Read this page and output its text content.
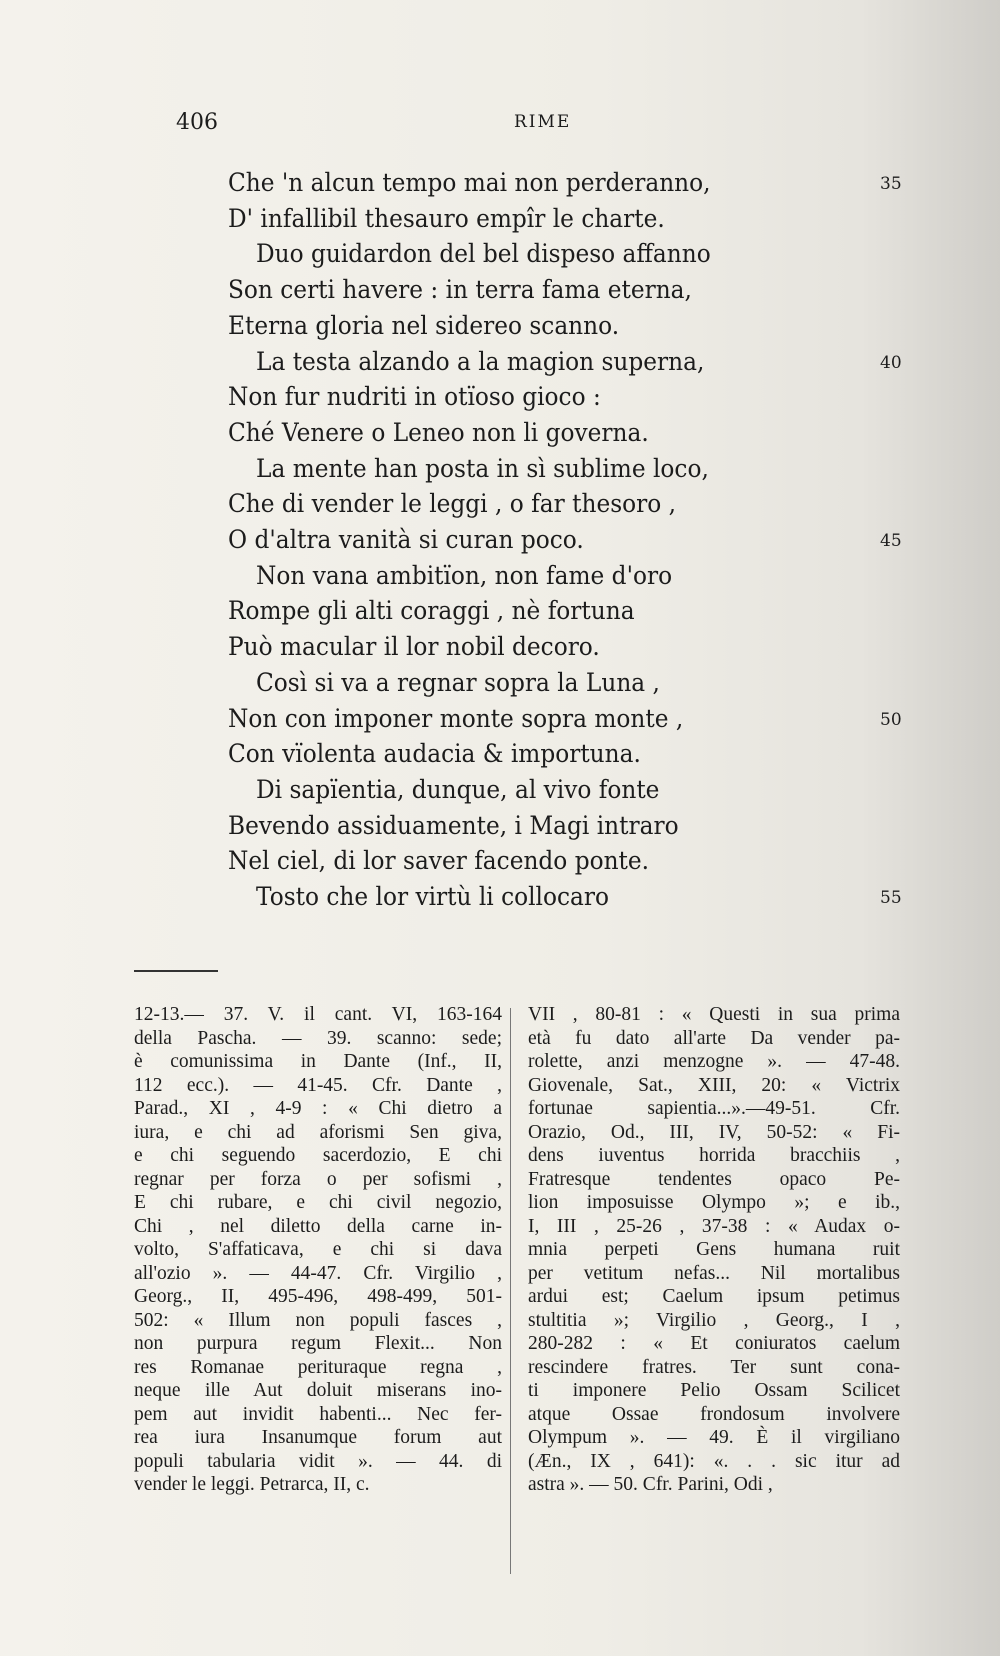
406	RIME
Che 'n alcun tempo mai non perderanno,
D' infallibil thesauro empîr le charte.
Duo guidardon del bel dispeso affanno
Son certi havere : in terra fama eterna,
Eterna gloria nel sidereo scanno.
La testa alzando a la magion superna,
Non fur nudriti in otïoso gioco :
Ché Venere o Leneo non li governa.
La mente han posta in sì sublime loco,
Che di vender le leggi , o far thesoro ,
O d'altra vanità si curan poco.
Non vana ambitïon, non fame d'oro
Rompe gli alti coraggi , nè fortuna
Può macular il lor nobil decoro.
Così si va a regnar sopra la Luna ,
Non con imponer monte sopra monte ,
Con vïolenta audacia & importuna.
Di sapïentia, dunque, al vivo fonte
Bevendo assiduamente, i Magi intraro
Nel ciel, di lor saver facendo ponte.
Tosto che lor virtù li collocaro
35
40
45
50
55
12-13.— 37. V. il cant. VI, 163-164
della Pascha. — 39. scanno: sede;
è comunissima in Dante (Inf., II,
112 ecc.). — 41-45. Cfr. Dante ,
Parad., XI , 4-9 : « Chi dietro a
iura, e chi ad aforismi Sen giva,
e chi seguendo sacerdozio, E chi
regnar per forza o per sofismi ,
E chi rubare, e chi civil negozio,
Chi , nel diletto della carne in-
volto, S'affaticava, e chi si dava
all'ozio ». — 44-47. Cfr. Virgilio ,
Georg., II, 495-496, 498-499, 501-
502: « Illum non populi fasces ,
non purpura regum Flexit... Non
res Romanae perituraque regna ,
neque ille Aut doluit miserans ino-
pem aut invidit habenti... Nec fer-
rea iura Insanumque forum aut
populi tabularia vidit ». — 44. di
vender le leggi. Petrarca, II, c.
VII , 80-81 : « Questi in sua prima
età fu dato all'arte Da vender pa-
rolette, anzi menzogne ». — 47-48.
Giovenale, Sat., XIII, 20: « Victrix
fortunae sapientia...».—49-51. Cfr.
Orazio, Od., III, IV, 50-52: « Fi-
dens iuventus horrida bracchiis ,
Fratresque tendentes opaco Pe-
lion imposuisse Olympo »; e ib.,
I, III , 25-26 , 37-38 : « Audax o-
mnia perpeti Gens humana ruit
per vetitum nefas... Nil mortalibus
ardui est; Caelum ipsum petimus
stultitia »; Virgilio , Georg., I ,
280-282 : « Et coniuratos caelum
rescindere fratres. Ter sunt cona-
ti imponere Pelio Ossam Scilicet
atque Ossae frondosum involvere
Olympum ». — 49. È il virgiliano
(Æn., IX , 641): «. . . sic itur ad
astra ». — 50. Cfr. Parini, Odi ,
